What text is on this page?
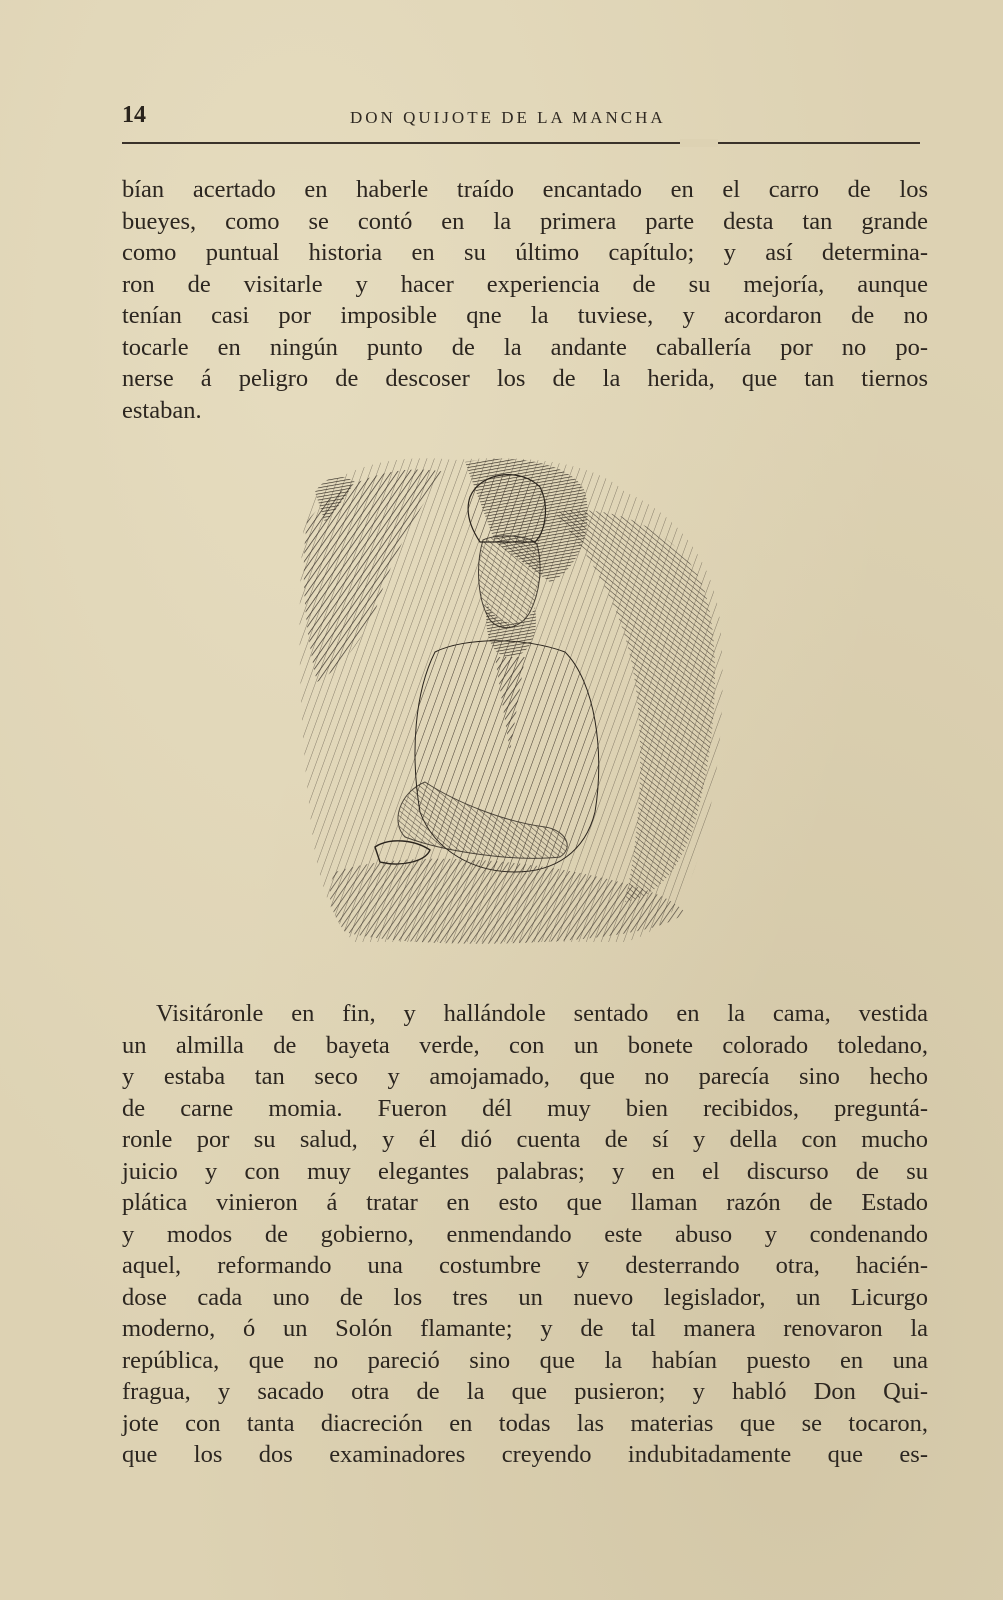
14	DON QUIJOTE DE LA MANCHA

bían acertado en haberle traído encantado en el carro de los
bueyes, como se contó en la primera parte desta tan grande
como puntual historia en su último capítulo; y así determina-
ron de visitarle y hacer experiencia de su mejoría, aunque
tenían casi por imposible qne la tuviese, y acordaron de no
tocarle en ningún punto de la andante caballería por no po-
nerse á peligro de descoser los de la herida, que tan tiernos
estaban.

Visitáronle en fin, y hallándole sentado en la cama, vestida
un almilla de bayeta verde, con un bonete colorado toledano,
y estaba tan seco y amojamado, que no parecía sino hecho
de carne momia. Fueron dél muy bien recibidos, preguntá-
ronle por su salud, y él dió cuenta de sí y della con mucho
juicio y con muy elegantes palabras; y en el discurso de su
plática vinieron á tratar en esto que llaman razón de Estado
y modos de gobierno, enmendando este abuso y condenando
aquel, reformando una costumbre y desterrando otra, hacién-
dose cada uno de los tres un nuevo legislador, un Licurgo
moderno, ó un Solón flamante; y de tal manera renovaron la
república, que no pareció sino que la habían puesto en una
fragua, y sacado otra de la que pusieron; y habló Don Qui-
jote con tanta diacreción en todas las materias que se tocaron,
que los dos examinadores creyendo indubitadamente que es-
